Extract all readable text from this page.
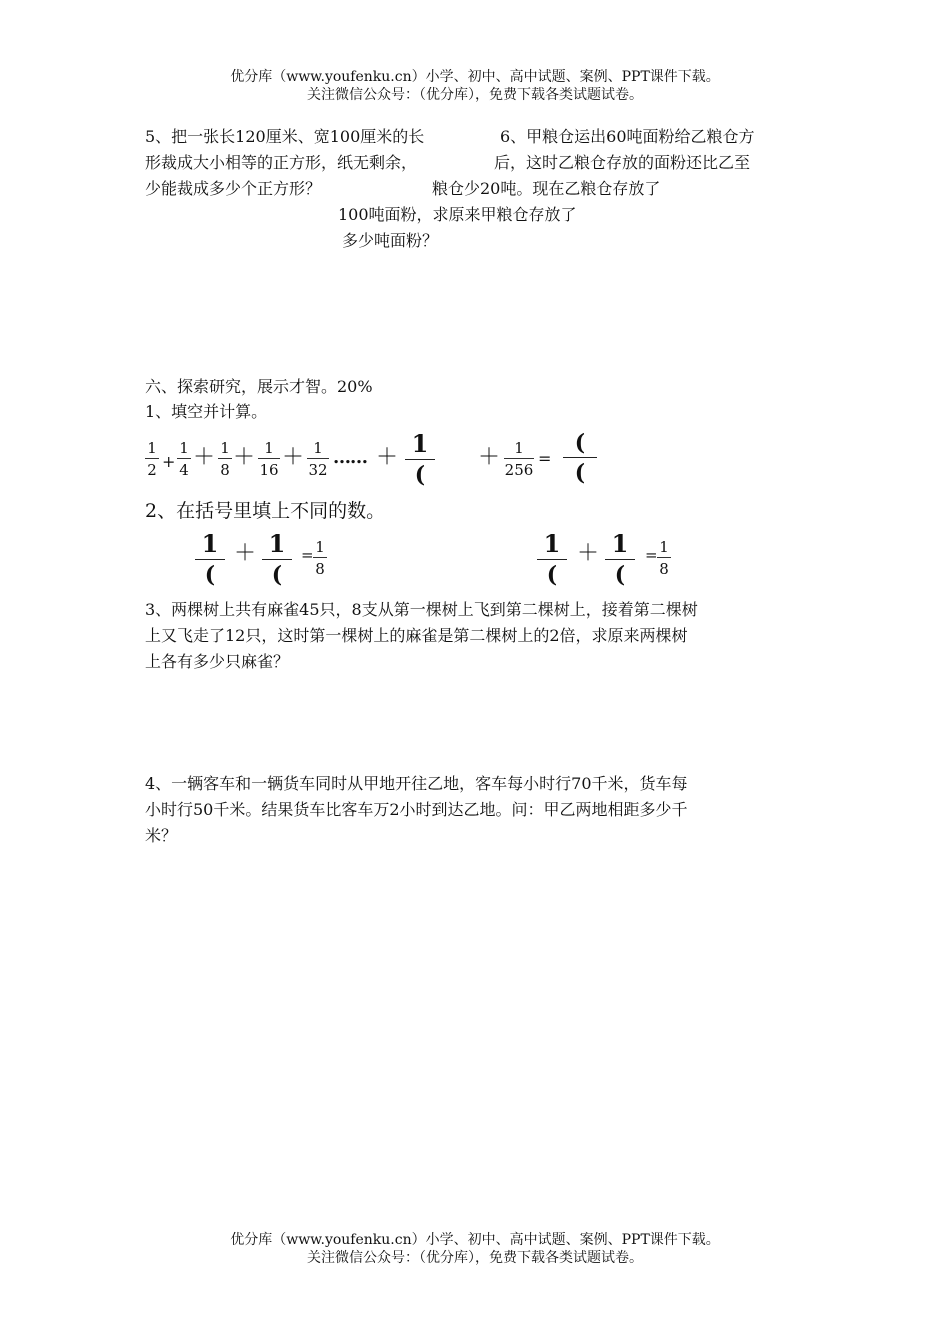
优分库（www.youfenku.cn）小学、初中、高中试题、案例、PPT课件下载。
关注微信公众号：（优分库），免费下载各类试题试卷。
5、把一张长120厘米、宽100厘米的长
形裁成大小相等的正方形，纸无剩余，
少能裁成多少个正方形？
6、甲粮仓运出60吨面粉给乙粮仓方
后，这时乙粮仓存放的面粉还比乙至
粮仓少20吨。现在乙粮仓存放了
100吨面粉，求原来甲粮仓存放了
多少吨面粉？
六、探索研究，展示才智。20%
1、填空并计算。
1
2 +
1
4 ＋ 1
8 ＋ 1
16 ＋ 1
32
…… ＋ 1
(
＋ 1
256
=
(
(
2、在括号里填上不同的数。
1
(
＋ 1
(
= 1
8
1
(
＋ 1
(
= 1
8
3、两棵树上共有麻雀45只，8支从第一棵树上飞到第二棵树上，接着第二棵树
上又飞走了12只，这时第一棵树上的麻雀是第二棵树上的2倍，求原来两棵树
上各有多少只麻雀？
4、一辆客车和一辆货车同时从甲地开往乙地，客车每小时行70千米，货车每
小时行50千米。结果货车比客车万2小时到达乙地。问：甲乙两地相距多少千
米？
优分库（www.youfenku.cn）小学、初中、高中试题、案例、PPT课件下载。
关注微信公众号：（优分库），免费下载各类试题试卷。
